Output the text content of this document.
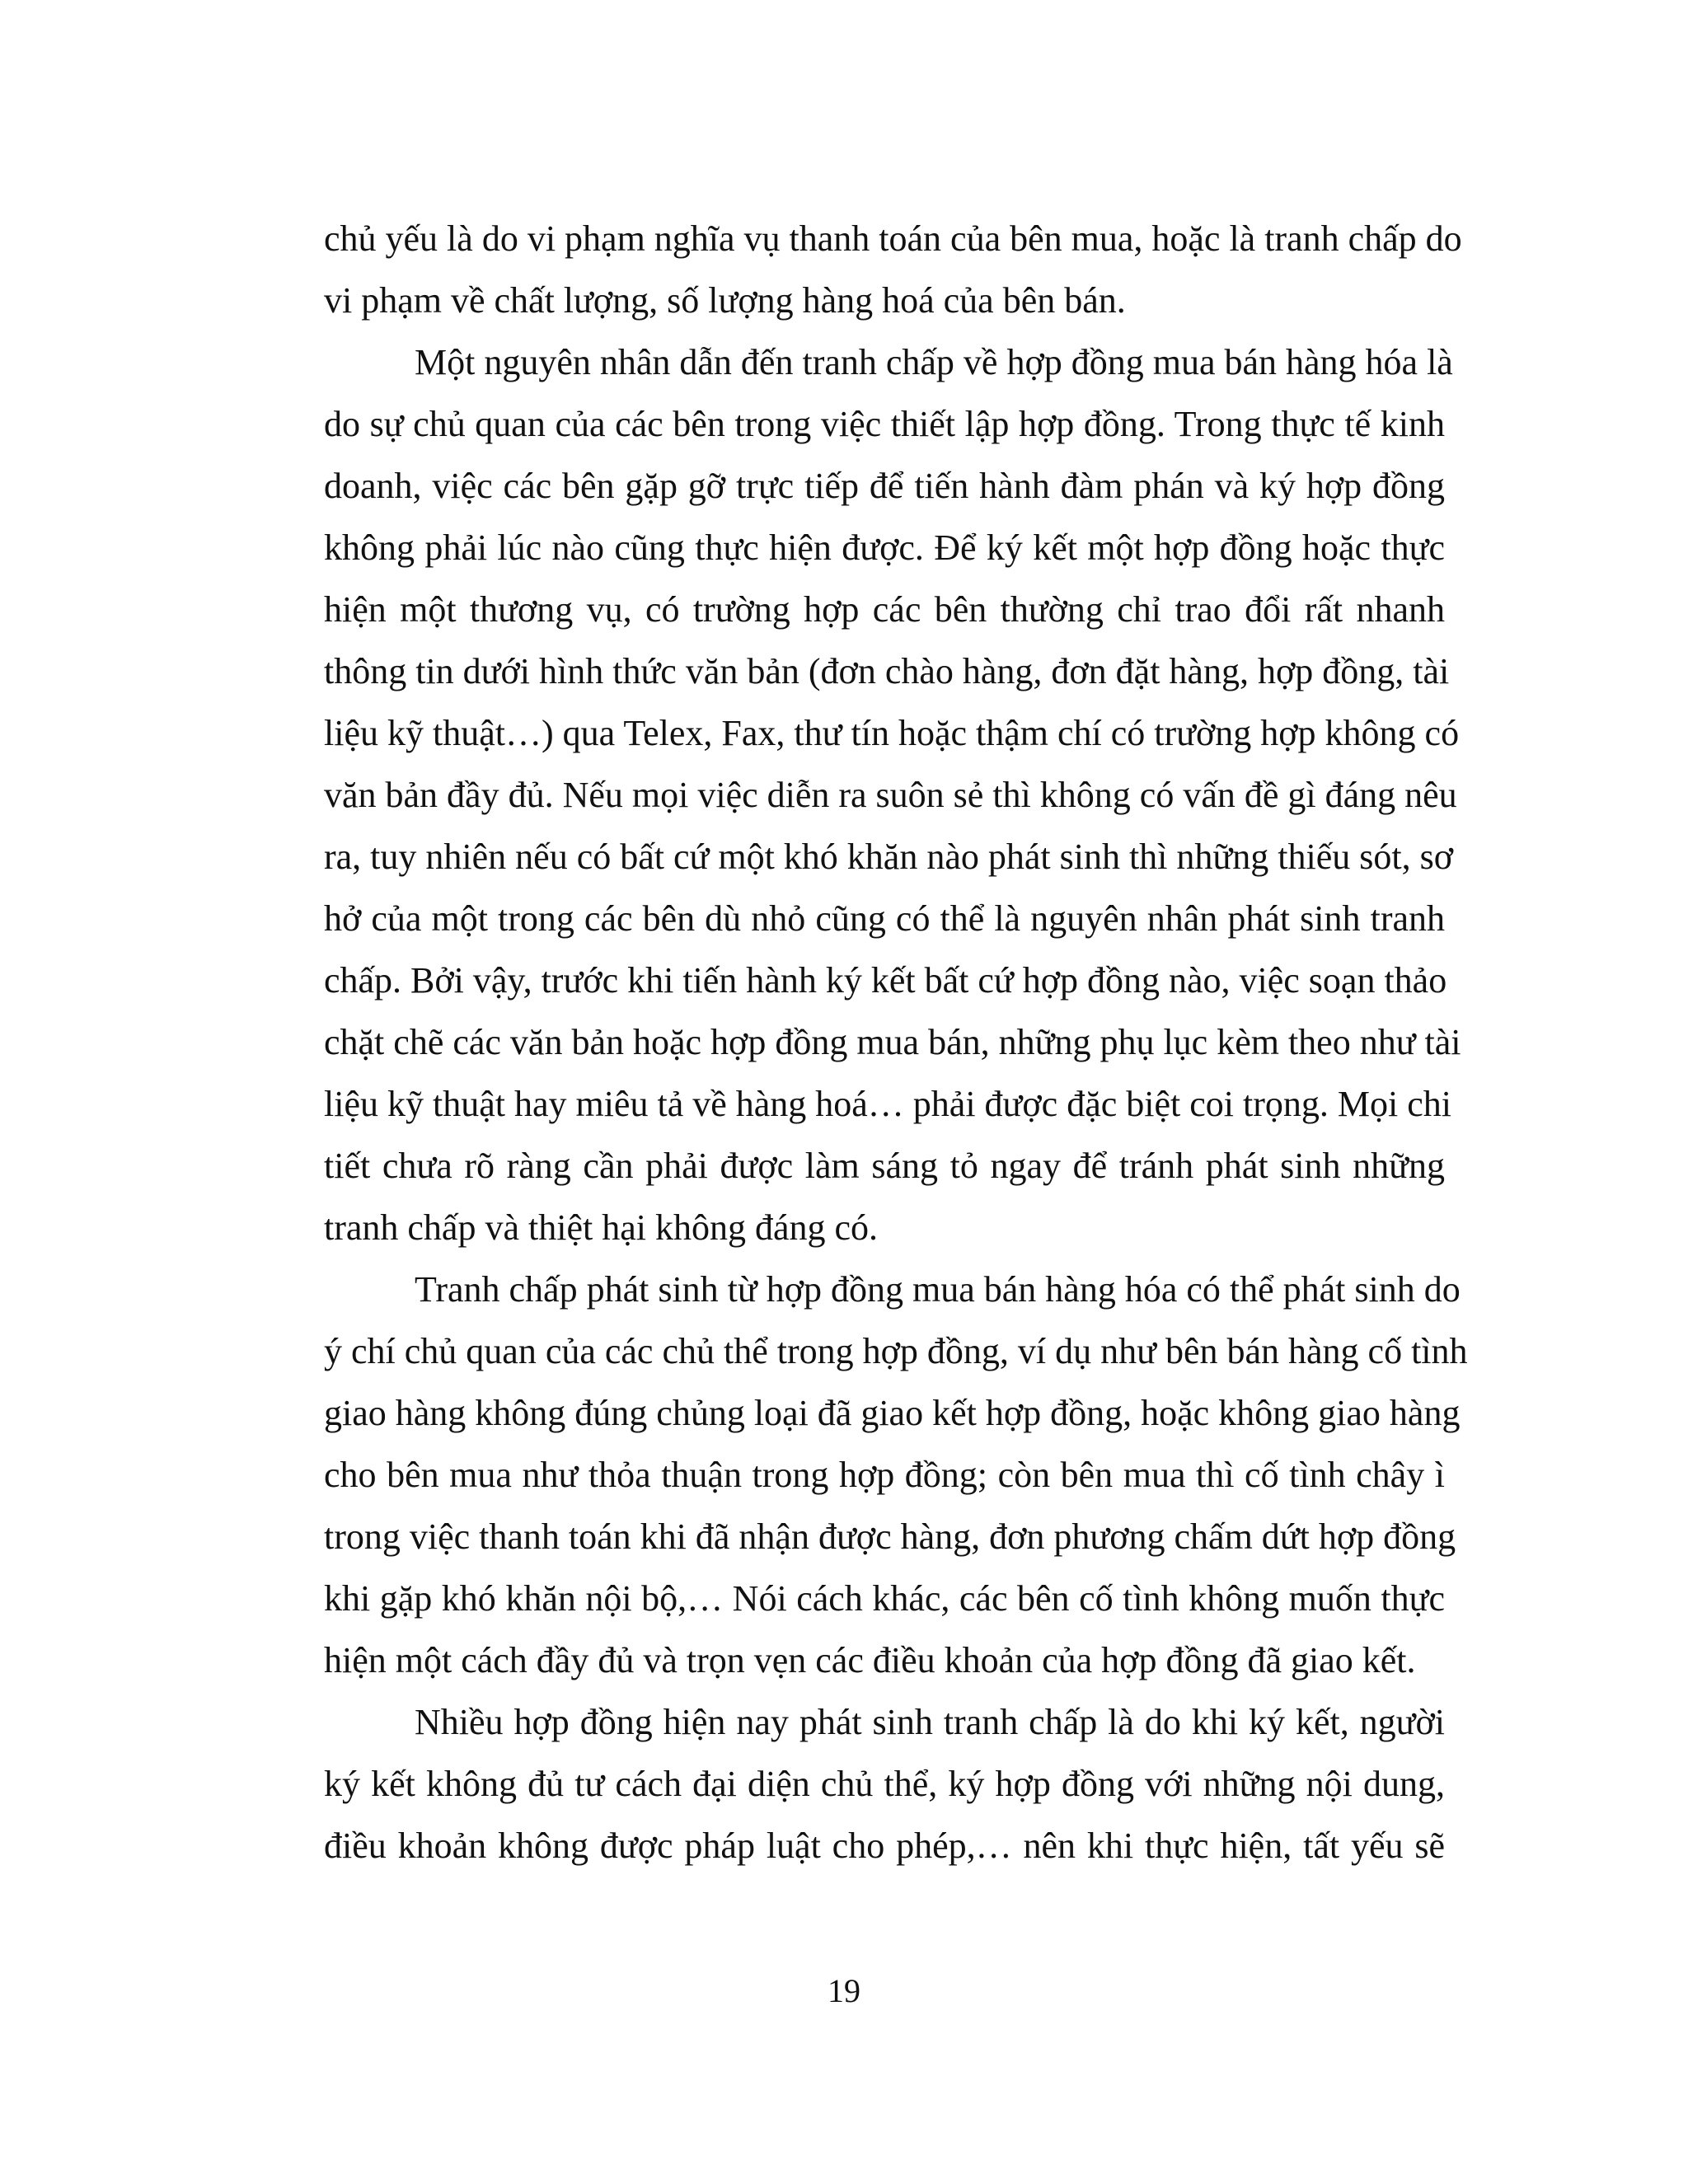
chủ yếu là do vi phạm nghĩa vụ thanh toán của bên mua, hoặc là tranh chấp do
vi phạm về chất lượng, số lượng hàng hoá của bên bán.
Một nguyên nhân dẫn đến tranh chấp về hợp đồng mua bán hàng hóa là
do sự chủ quan của các bên trong việc thiết lập hợp đồng. Trong thực tế kinh
doanh, việc các bên gặp gỡ trực tiếp để tiến hành đàm phán và ký hợp đồng
không phải lúc nào cũng thực hiện được. Để ký kết một hợp đồng hoặc thực
hiện một thương vụ, có trường hợp các bên thường chỉ trao đổi rất nhanh
thông tin dưới hình thức văn bản (đơn chào hàng, đơn đặt hàng, hợp đồng, tài
liệu kỹ thuật…) qua Telex, Fax, thư tín hoặc thậm chí có trường hợp không có
văn bản đầy đủ. Nếu mọi việc diễn ra suôn sẻ thì không có vấn đề gì đáng nêu
ra, tuy nhiên nếu có bất cứ một khó khăn nào phát sinh thì những thiếu sót, sơ
hở của một trong các bên dù nhỏ cũng có thể là nguyên nhân phát sinh tranh
chấp. Bởi vậy, trước khi tiến hành ký kết bất cứ hợp đồng nào, việc soạn thảo
chặt chẽ các văn bản hoặc hợp đồng mua bán, những phụ lục kèm theo như tài
liệu kỹ thuật hay miêu tả về hàng hoá… phải được đặc biệt coi trọng. Mọi chi
tiết chưa rõ ràng cần phải được làm sáng tỏ ngay để tránh phát sinh những
tranh chấp và thiệt hại không đáng có.
Tranh chấp phát sinh từ hợp đồng mua bán hàng hóa có thể phát sinh do
ý chí chủ quan của các chủ thể trong hợp đồng, ví dụ như bên bán hàng cố tình
giao hàng không đúng chủng loại đã giao kết hợp đồng, hoặc không giao hàng
cho bên mua như thỏa thuận trong hợp đồng; còn bên mua thì cố tình chây ì
trong việc thanh toán khi đã nhận được hàng, đơn phương chấm dứt hợp đồng
khi gặp khó khăn nội bộ,… Nói cách khác, các bên cố tình không muốn thực
hiện một cách đầy đủ và trọn vẹn các điều khoản của hợp đồng đã giao kết.
Nhiều hợp đồng hiện nay phát sinh tranh chấp là do khi ký kết, người
ký kết không đủ tư cách đại diện chủ thể, ký hợp đồng với những nội dung,
điều khoản không được pháp luật cho phép,… nên khi thực hiện, tất yếu sẽ
19
